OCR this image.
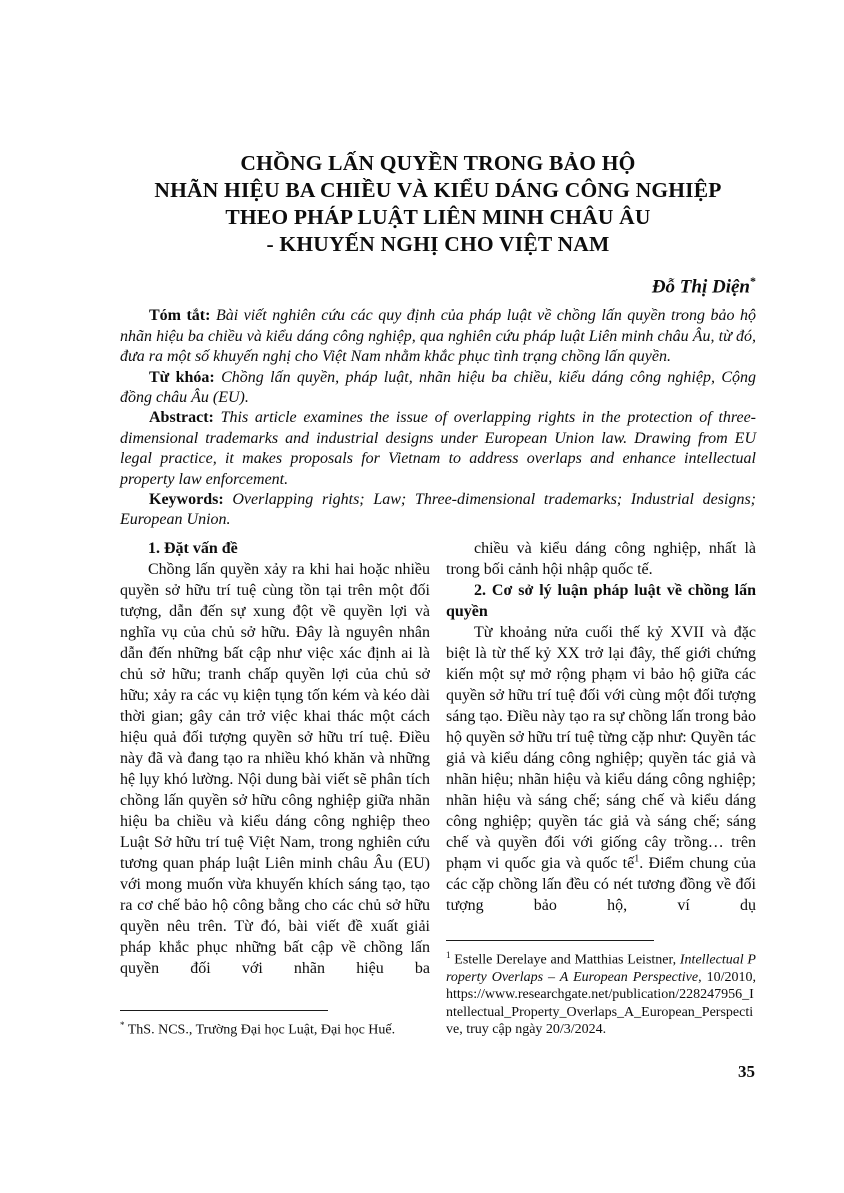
CHỒNG LẤN QUYỀN TRONG BẢO HỘ
NHÃN HIỆU BA CHIỀU VÀ KIỂU DÁNG CÔNG NGHIỆP
THEO PHÁP LUẬT LIÊN MINH CHÂU ÂU
- KHUYẾN NGHỊ CHO VIỆT NAM
Đỗ Thị Diện*

Tóm tắt: Bài viết nghiên cứu các quy định của pháp luật về chồng lấn quyền trong bảo hộ nhãn hiệu ba chiều và kiểu dáng công nghiệp, qua nghiên cứu pháp luật Liên minh châu Âu, từ đó, đưa ra một số khuyến nghị cho Việt Nam nhằm khắc phục tình trạng chồng lấn quyền.

Từ khóa: Chồng lấn quyền, pháp luật, nhãn hiệu ba chiều, kiểu dáng công nghiệp, Cộng đồng châu Âu (EU).

Abstract: This article examines the issue of overlapping rights in the protection of three-dimensional trademarks and industrial designs under European Union law. Drawing from EU legal practice, it makes proposals for Vietnam to address overlaps and enhance intellectual property law enforcement.

Keywords: Overlapping rights; Law; Three-dimensional trademarks; Industrial designs; European Union.

1. Đặt vấn đề

Chồng lấn quyền xảy ra khi hai hoặc nhiều quyền sở hữu trí tuệ cùng tồn tại trên một đối tượng, dẫn đến sự xung đột về quyền lợi và nghĩa vụ của chủ sở hữu. Đây là nguyên nhân dẫn đến những bất cập như việc xác định ai là chủ sở hữu; tranh chấp quyền lợi của chủ sở hữu; xảy ra các vụ kiện tụng tốn kém và kéo dài thời gian; gây cản trở việc khai thác một cách hiệu quả đối tượng quyền sở hữu trí tuệ. Điều này đã và đang tạo ra nhiều khó khăn và những hệ lụy khó lường. Nội dung bài viết sẽ phân tích chồng lấn quyền sở hữu công nghiệp giữa nhãn hiệu ba chiều và kiểu dáng công nghiệp theo Luật Sở hữu trí tuệ Việt Nam, trong nghiên cứu tương quan pháp luật Liên minh châu Âu (EU) với mong muốn vừa khuyến khích sáng tạo, tạo ra cơ chế bảo hộ công bằng cho các chủ sở hữu quyền nêu trên. Từ đó, bài viết đề xuất giải pháp khắc phục những bất cập về chồng lấn quyền đối với nhãn hiệu ba

* ThS. NCS., Trường Đại học Luật, Đại học Huế.

chiều và kiểu dáng công nghiệp, nhất là trong bối cảnh hội nhập quốc tế.

2. Cơ sở lý luận pháp luật về chồng lấn quyền

Từ khoảng nửa cuối thế kỷ XVII và đặc biệt là từ thế kỷ XX trở lại đây, thế giới chứng kiến một sự mở rộng phạm vi bảo hộ giữa các quyền sở hữu trí tuệ đối với cùng một đối tượng sáng tạo. Điều này tạo ra sự chồng lấn trong bảo hộ quyền sở hữu trí tuệ từng cặp như: Quyền tác giả và kiểu dáng công nghiệp; quyền tác giả và nhãn hiệu; nhãn hiệu và kiểu dáng công nghiệp; nhãn hiệu và sáng chế; sáng chế và kiểu dáng công nghiệp; quyền tác giả và sáng chế; sáng chế và quyền đối với giống cây trồng… trên phạm vi quốc gia và quốc tế$^1$. Điểm chung của các cặp chồng lấn đều có nét tương đồng về đối tượng bảo hộ, ví dụ

$^1$ Estelle Derelaye and Matthias Leistner, Intellectual Property Overlaps – A European Perspective, 10/2010, https://www.researchgate.net/publication/228247956_Intellectual_Property_Overlaps_A_European_Perspective, truy cập ngày 20/3/2024.
35
